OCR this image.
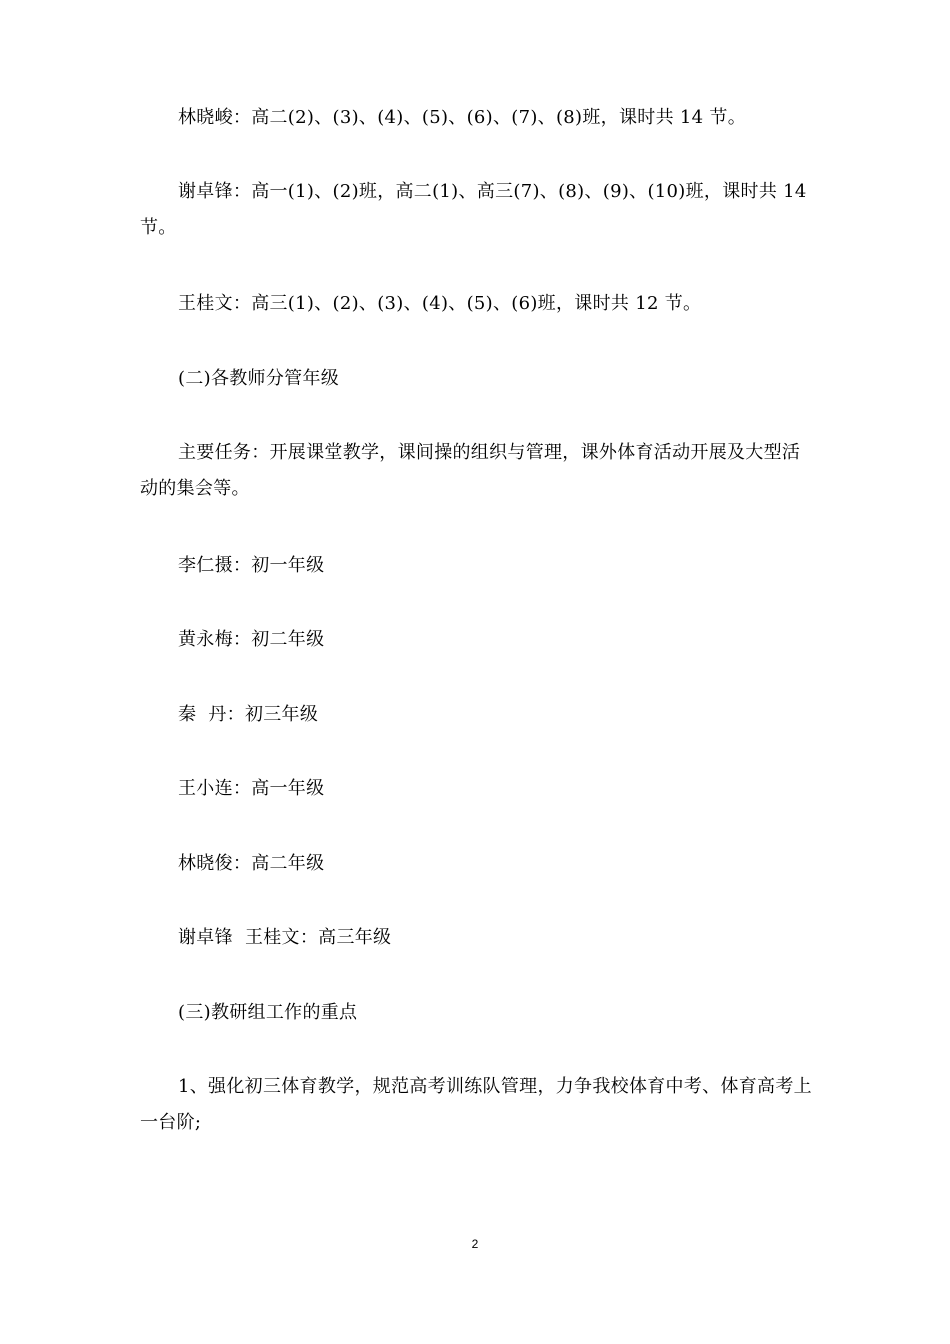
林晓峻：高二(2)、(3)、(4)、(5)、(6)、(7)、(8)班，课时共 14 节。

谢卓锋：高一(1)、(2)班，高二(1)、高三(7)、(8)、(9)、(10)班，课时共 14 节。

王桂文：高三(1)、(2)、(3)、(4)、(5)、(6)班，课时共 12 节。

(二)各教师分管年级

主要任务：开展课堂教学，课间操的组织与管理，课外体育活动开展及大型活动的集会等。

李仁摄：初一年级

黄永梅：初二年级

秦  丹：初三年级

王小连：高一年级

林晓俊：高二年级

谢卓锋  王桂文：高三年级

(三)教研组工作的重点

1、强化初三体育教学，规范高考训练队管理，力争我校体育中考、体育高考上一台阶;

2
